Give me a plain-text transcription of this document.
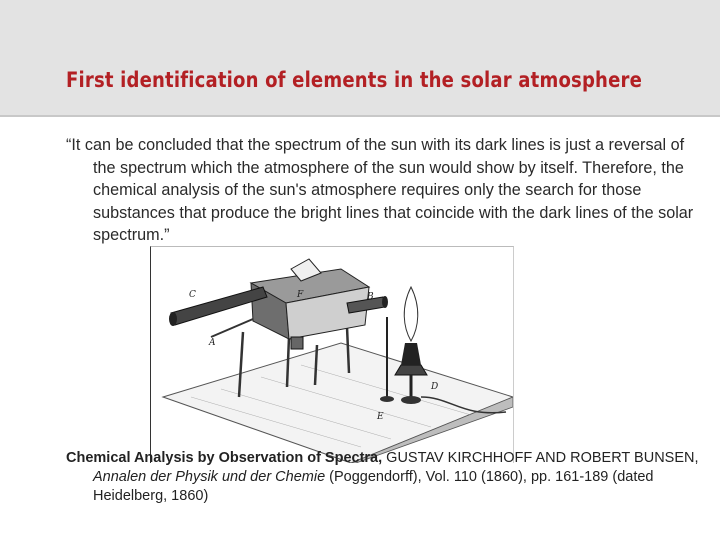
First identification of elements in the solar atmosphere

“It can be concluded that the spectrum of the sun with its dark lines is just a reversal of the spectrum which the atmosphere of the sun would show by itself. Therefore, the chemical analysis of the sun's atmosphere requires only the search for those substances that produce the bright lines that coincide with the dark lines of the solar spectrum.”

C	F	B
A
D
E

Chemical Analysis by Observation of Spectra, GUSTAV KIRCHHOFF AND ROBERT BUNSEN, Annalen der Physik und der Chemie (Poggendorff), Vol. 110 (1860), pp. 161-189 (dated Heidelberg, 1860)
